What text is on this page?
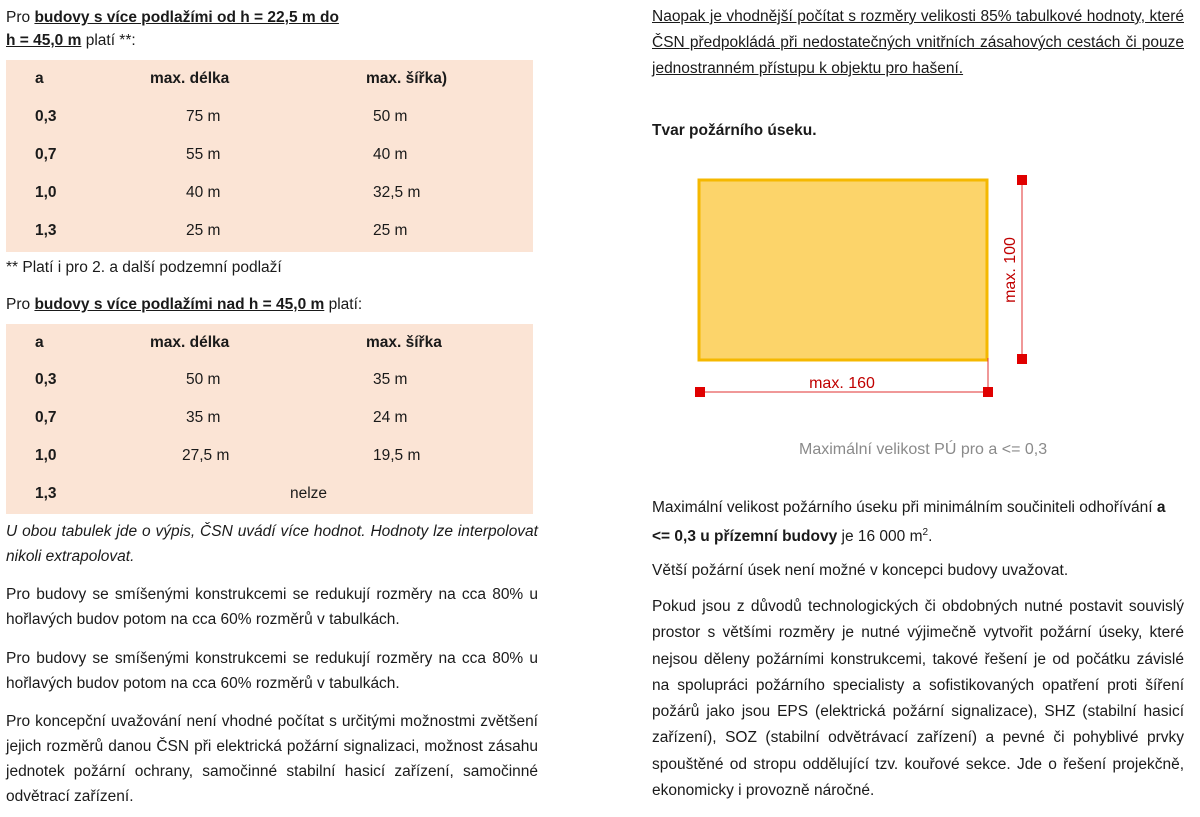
Pro budovy s více podlažími od h = 22,5 m do
h = 45,0 m platí **:
a	max. délka	max. šířka)
0,3	75 m	50 m
0,7	55 m	40 m
1,0	40 m	32,5 m
1,3	25 m	25 m

** Platí i pro 2. a další podzemní podlaží

Pro budovy s více podlažími nad h = 45,0 m platí:

a	max. délka	max. šířka
0,3	50 m	35 m
0,7	35 m	24 m
1,0	27,5 m	19,5 m
1,3	nelze

U obou tabulek jde o výpis, ČSN uvádí více hodnot. Hodnoty lze interpolovat nikoli extrapolovat.

Pro budovy se smíšenými konstrukcemi se redukují rozměry na cca 80% u hořlavých budov potom na cca 60% rozměrů v tabulkách.

Pro budovy se smíšenými konstrukcemi se redukují rozměry na cca 80% u hořlavých budov potom na cca 60% rozměrů v tabulkách.

Pro koncepční uvažování není vhodné počítat s určitými možnostmi zvětšení jejich rozměrů danou ČSN při elektrická požární signalizaci, možnost zásahu jednotek požární ochrany, samočinné stabilní hasicí zařízení, samočinné odvětrací zařízení.

Naopak je vhodnější počítat s rozměry velikosti 85% tabulkové hodnoty, které ČSN předpokládá při nedostatečných vnitřních zásahových cestách či pouze jednostranném přístupu k objektu pro hašení.

Tvar požárního úseku.

max. 160
max. 100
Maximální velikost PÚ pro a <= 0,3

Maximální velikost požárního úseku při minimálním součiniteli odhořívání a <= 0,3 u přízemní budovy je 16 000 $m^2$.

Větší požární úsek není možné v koncepci budovy uvažovat.

Pokud jsou z důvodů technologických či obdobných nutné postavit souvislý prostor s většími rozměry je nutné výjimečně vytvořit požární úseky, které nejsou děleny požárními konstrukcemi, takové řešení je od počátku závislé na spolupráci požárního specialisty a sofistikovaných opatření proti šíření požárů jako jsou EPS (elektrická požární signalizace), SHZ (stabilní hasicí zařízení), SOZ (stabilní odvětrávací zařízení) a pevné či pohyblivé prvky spouštěné od stropu oddělující tzv. kouřové sekce. Jde o řešení projekčně, ekonomicky i provozně náročné.
